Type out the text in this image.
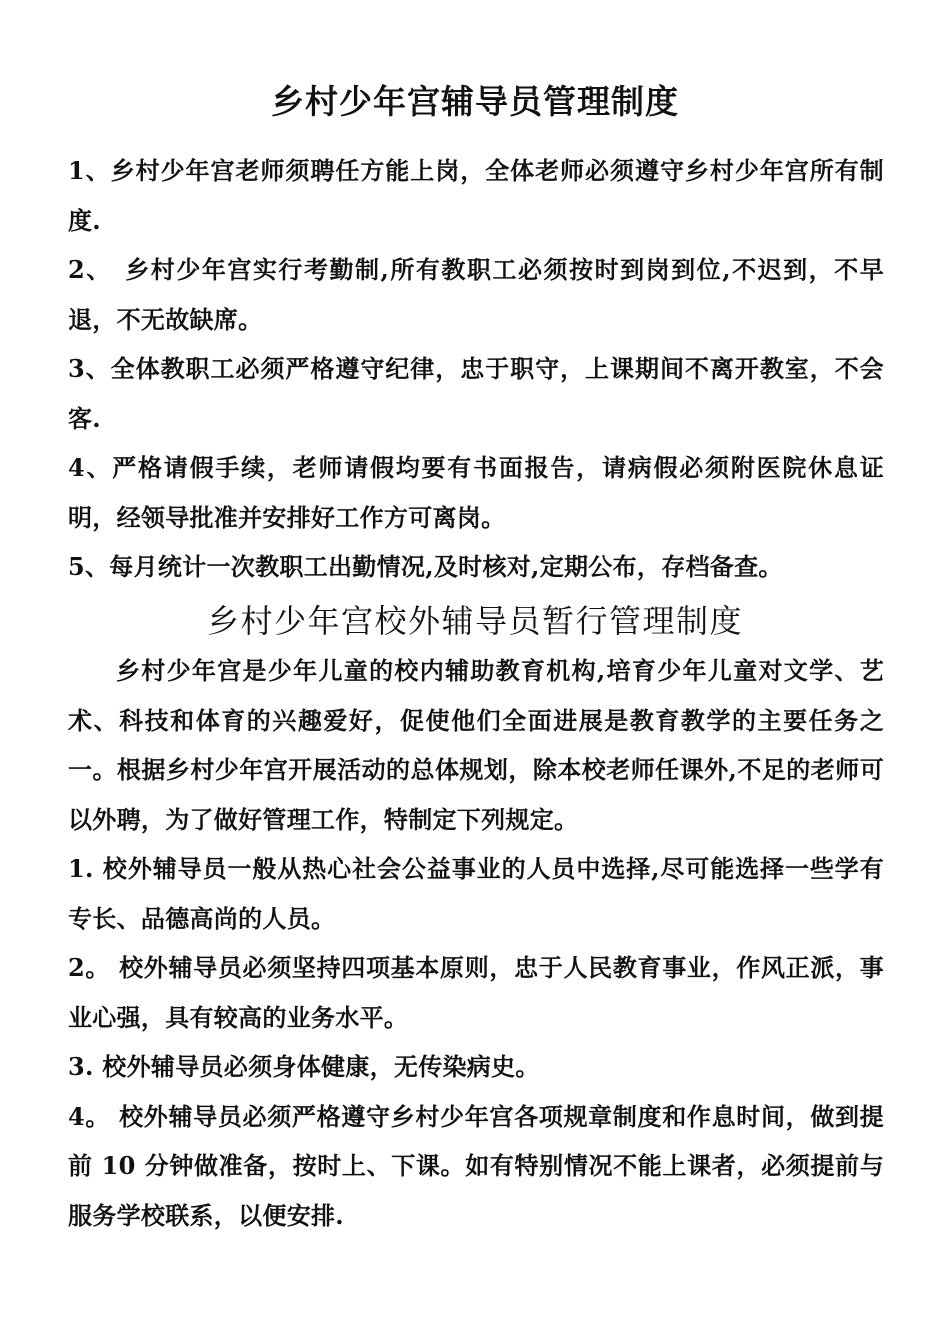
乡村少年宫辅导员管理制度

1、乡村少年宫老师须聘任方能上岗，全体老师必须遵守乡村少年宫所有制度.

2、　乡村少年宫实行考勤制,所有教职工必须按时到岗到位,不迟到，不早退，不无故缺席。

3、全体教职工必须严格遵守纪律，忠于职守，上课期间不离开教室，不会客.

4、严格请假手续，老师请假均要有书面报告，请病假必须附医院休息证明，经领导批准并安排好工作方可离岗。

5、每月统计一次教职工出勤情况,及时核对,定期公布，存档备查。

乡村少年宫校外辅导员暂行管理制度

乡村少年宫是少年儿童的校内辅助教育机构,培育少年儿童对文学、艺术、科技和体育的兴趣爱好，促使他们全面进展是教育教学的主要任务之一。根据乡村少年宫开展活动的总体规划，除本校老师任课外,不足的老师可以外聘，为了做好管理工作，特制定下列规定。

1. 校外辅导员一般从热心社会公益事业的人员中选择,尽可能选择一些学有专长、品德高尚的人员。

2。 校外辅导员必须坚持四项基本原则，忠于人民教育事业，作风正派，事业心强，具有较高的业务水平。

3. 校外辅导员必须身体健康，无传染病史。

4。 校外辅导员必须严格遵守乡村少年宫各项规章制度和作息时间，做到提前 10 分钟做准备，按时上、下课。如有特别情况不能上课者，必须提前与服务学校联系，以便安排.
